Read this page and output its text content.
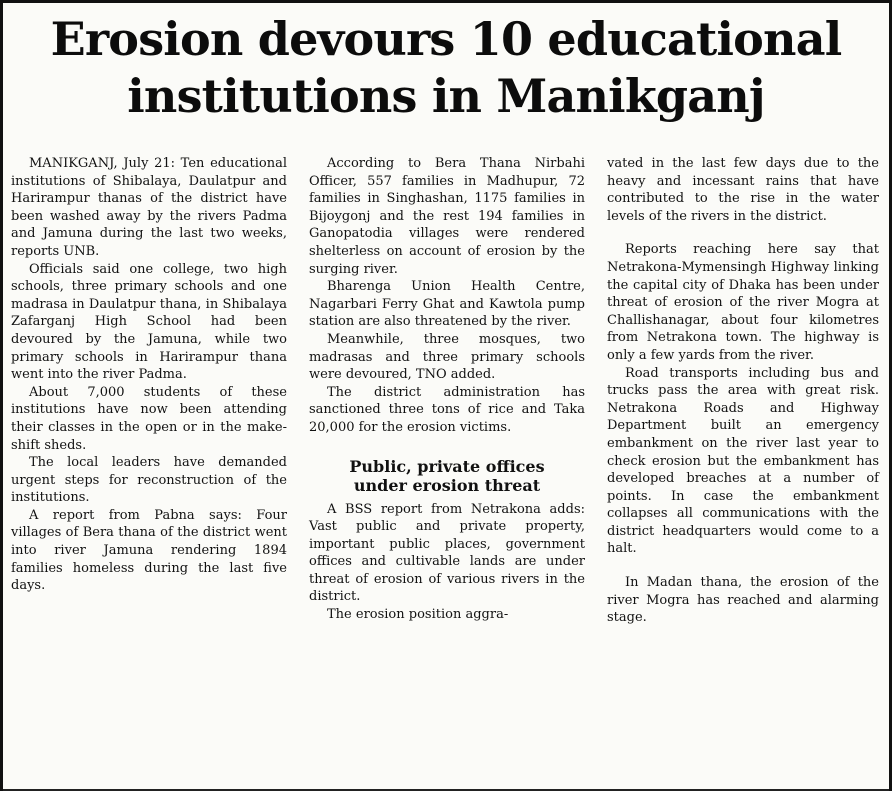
Erosion devours 10 educational
institutions in Manikganj

MANIKGANJ, July 21: Ten educational institutions of Shibalaya, Daulatpur and Harirampur thanas of the district have been washed away by the rivers Padma and Jamuna during the last two weeks, reports UNB.

Officials said one college, two high schools, three primary schools and one madrasa in Daulatpur thana, in Shibalaya Zafarganj High School had been devoured by the Jamuna, while two primary schools in Harirampur thana went into the river Padma.

About 7,000 students of these institutions have now been attending their classes in the open or in the make-shift sheds.

The local leaders have demanded urgent steps for reconstruction of the institutions.

A report from Pabna says: Four villages of Bera thana of the district went into river Jamuna rendering 1894 families homeless during the last five days.

According to Bera Thana Nirbahi Officer, 557 families in Madhupur, 72 families in Singhashan, 1175 families in Bijoygonj and the rest 194 families in Ganopatodia villages were rendered shelterless on account of erosion by the surging river.

Bharenga Union Health Centre, Nagarbari Ferry Ghat and Kawtola pump station are also threatened by the river.

Meanwhile, three mosques, two madrasas and three primary schools were devoured, TNO added.

The district administration has sanctioned three tons of rice and Taka 20,000 for the erosion victims.

Public, private offices
under erosion threat

A BSS report from Netrakona adds: Vast public and private property, important public places, government offices and cultivable lands are under threat of erosion of various rivers in the district.

The erosion position aggra-

vated in the last few days due to the heavy and incessant rains that have contributed to the rise in the water levels of the rivers in the district.

Reports reaching here say that Netrakona-Mymensingh Highway linking the capital city of Dhaka has been under threat of erosion of the river Mogra at Challishanagar, about four kilometres from Netrakona town. The highway is only a few yards from the river.

Road transports including bus and trucks pass the area with great risk. Netrakona Roads and Highway Department built an emergency embankment on the river last year to check erosion but the embankment has developed breaches at a number of points. In case the embankment collapses all communications with the district headquarters would come to a halt.

In Madan thana, the erosion of the river Mogra has reached and alarming stage.
